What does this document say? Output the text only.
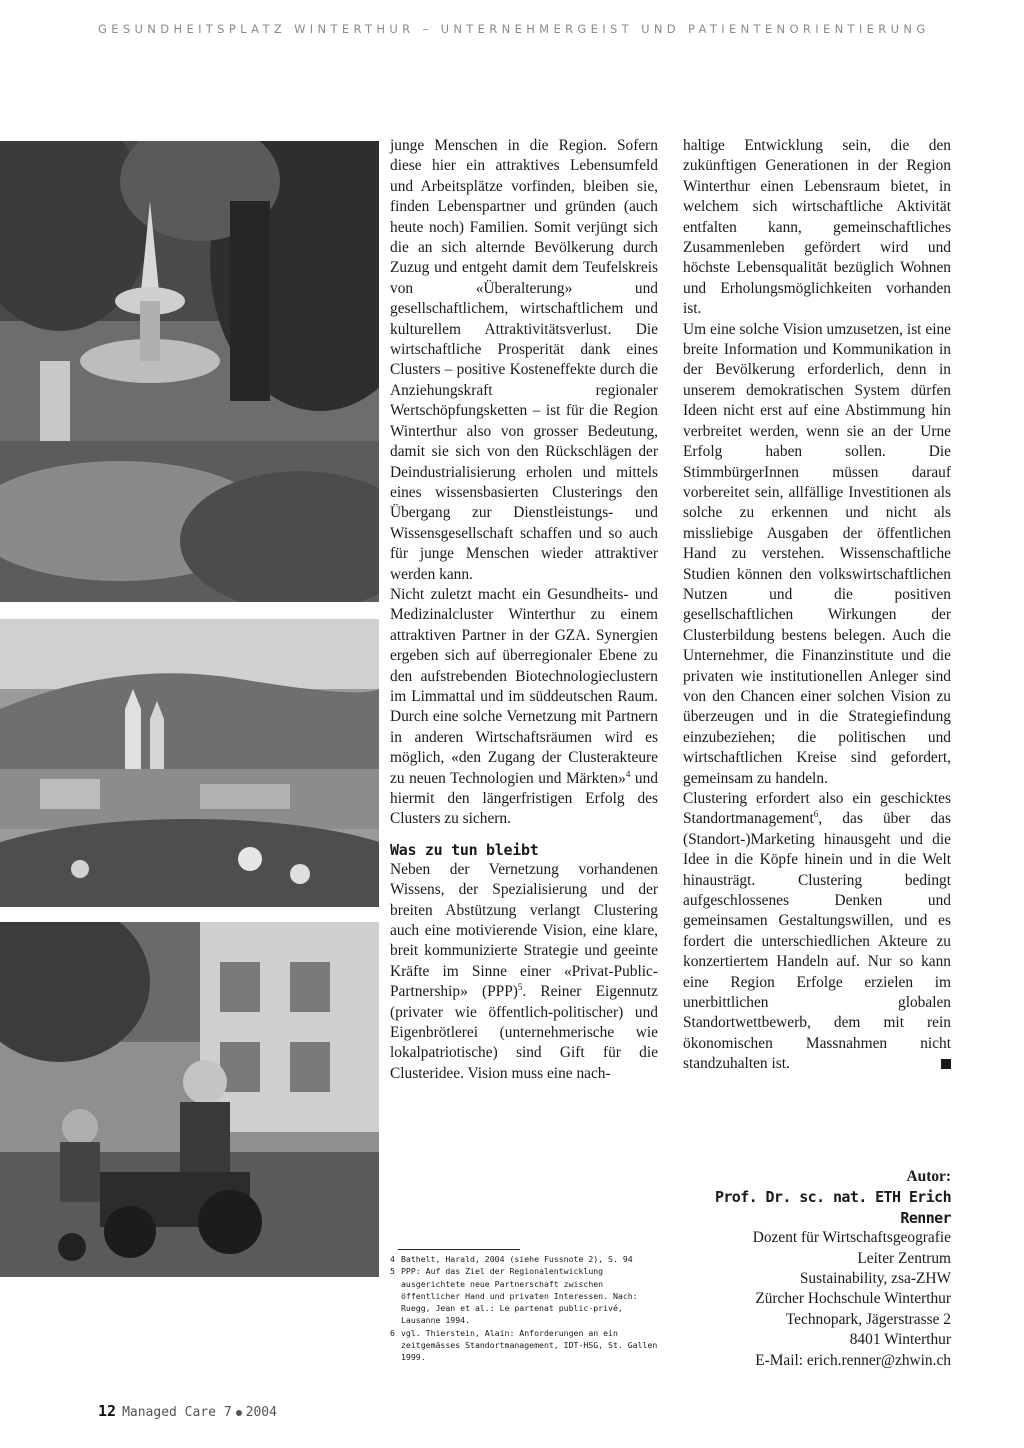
GESUNDHEITSPLATZ WINTERTHUR – UNTERNEHMERGEIST UND PATIENTENORIENTIERUNG

junge Menschen in die Region. Sofern diese hier ein attraktives Lebensumfeld und Arbeitsplätze vorfinden, bleiben sie, finden Lebenspartner und gründen (auch heute noch) Familien. Somit verjüngt sich die an sich alternde Bevölkerung durch Zuzug und entgeht damit dem Teufelskreis von «Überalterung» und gesellschaftlichem, wirtschaftlichem und kulturellem Attraktivitätsverlust. Die wirtschaftliche Prosperität dank eines Clusters – positive Kosteneffekte durch die Anziehungskraft regionaler Wertschöpfungsketten – ist für die Region Winterthur also von grosser Bedeutung, damit sie sich von den Rückschlägen der Deindustrialisierung erholen und mittels eines wissensbasierten Clusterings den Übergang zur Dienstleistungs- und Wissensgesellschaft schaffen und so auch für junge Menschen wieder attraktiver werden kann.

Nicht zuletzt macht ein Gesundheits- und Medizinalcluster Winterthur zu einem attraktiven Partner in der GZA. Synergien ergeben sich auf überregionaler Ebene zu den aufstrebenden Biotechnologieclustern im Limmattal und im süddeutschen Raum. Durch eine solche Vernetzung mit Partnern in anderen Wirtschaftsräumen wird es möglich, «den Zugang der Clusterakteure zu neuen Technologien und Märkten»$^4$ und hiermit den längerfristigen Erfolg des Clusters zu sichern.

Was zu tun bleibt

Neben der Vernetzung vorhandenen Wissens, der Spezialisierung und der breiten Abstützung verlangt Clustering auch eine motivierende Vision, eine klare, breit kommunizierte Strategie und geeinte Kräfte im Sinne einer «Privat-Public-Partnership» (PPP)$^5$. Reiner Eigennutz (privater wie öffentlich-politischer) und Eigenbrötlerei (unternehmerische wie lokalpatriotische) sind Gift für die Clusteridee. Vision muss eine nach-

haltige Entwicklung sein, die den zukünftigen Generationen in der Region Winterthur einen Lebensraum bietet, in welchem sich wirtschaftliche Aktivität entfalten kann, gemeinschaftliches Zusammenleben gefördert wird und höchste Lebensqualität bezüglich Wohnen und Erholungsmöglichkeiten vorhanden ist.

Um eine solche Vision umzusetzen, ist eine breite Information und Kommunikation in der Bevölkerung erforderlich, denn in unserem demokratischen System dürfen Ideen nicht erst auf eine Abstimmung hin verbreitet werden, wenn sie an der Urne Erfolg haben sollen. Die StimmbürgerInnen müssen darauf vorbereitet sein, allfällige Investitionen als solche zu erkennen und nicht als missliebige Ausgaben der öffentlichen Hand zu verstehen. Wissenschaftliche Studien können den volkswirtschaftlichen Nutzen und die positiven gesellschaftlichen Wirkungen der Clusterbildung bestens belegen. Auch die Unternehmer, die Finanzinstitute und die privaten wie institutionellen Anleger sind von den Chancen einer solchen Vision zu überzeugen und in die Strategiefindung einzubeziehen; die politischen und wirtschaftlichen Kreise sind gefordert, gemeinsam zu handeln.

Clustering erfordert also ein geschicktes Standortmanagement$^6$, das über das (Standort-)Marketing hinausgeht und die Idee in die Köpfe hinein und in die Welt hinausträgt. Clustering bedingt aufgeschlossenes Denken und gemeinsamen Gestaltungswillen, und es fordert die unterschiedlichen Akteure zu konzertiertem Handeln auf. Nur so kann eine Region Erfolge erzielen im unerbittlichen globalen Standortwettbewerb, dem mit rein ökonomischen Massnahmen nicht standzuhalten ist.

4 Bathelt, Harald, 2004 (siehe Fussnote 2), S. 94
5 PPP: Auf das Ziel der Regionalentwicklung ausgerichtete neue Partnerschaft zwischen öffentlicher Hand und privaten Interessen. Nach: Ruegg, Jean et al.: Le partenat public-privé, Lausanne 1994.
6 vgl. Thierstein, Alain: Anforderungen an ein zeitgemässes Standortmanagement, IDT-HSG, St. Gallen 1999.
Autor:
Prof. Dr. sc. nat. ETH Erich Renner
Dozent für Wirtschaftsgeografie
Leiter Zentrum
Sustainability, zsa-ZHW
Zürcher Hochschule Winterthur
Technopark, Jägerstrasse 2
8401 Winterthur
E-Mail: erich.renner@zhwin.ch
12 Managed Care 7 2004
